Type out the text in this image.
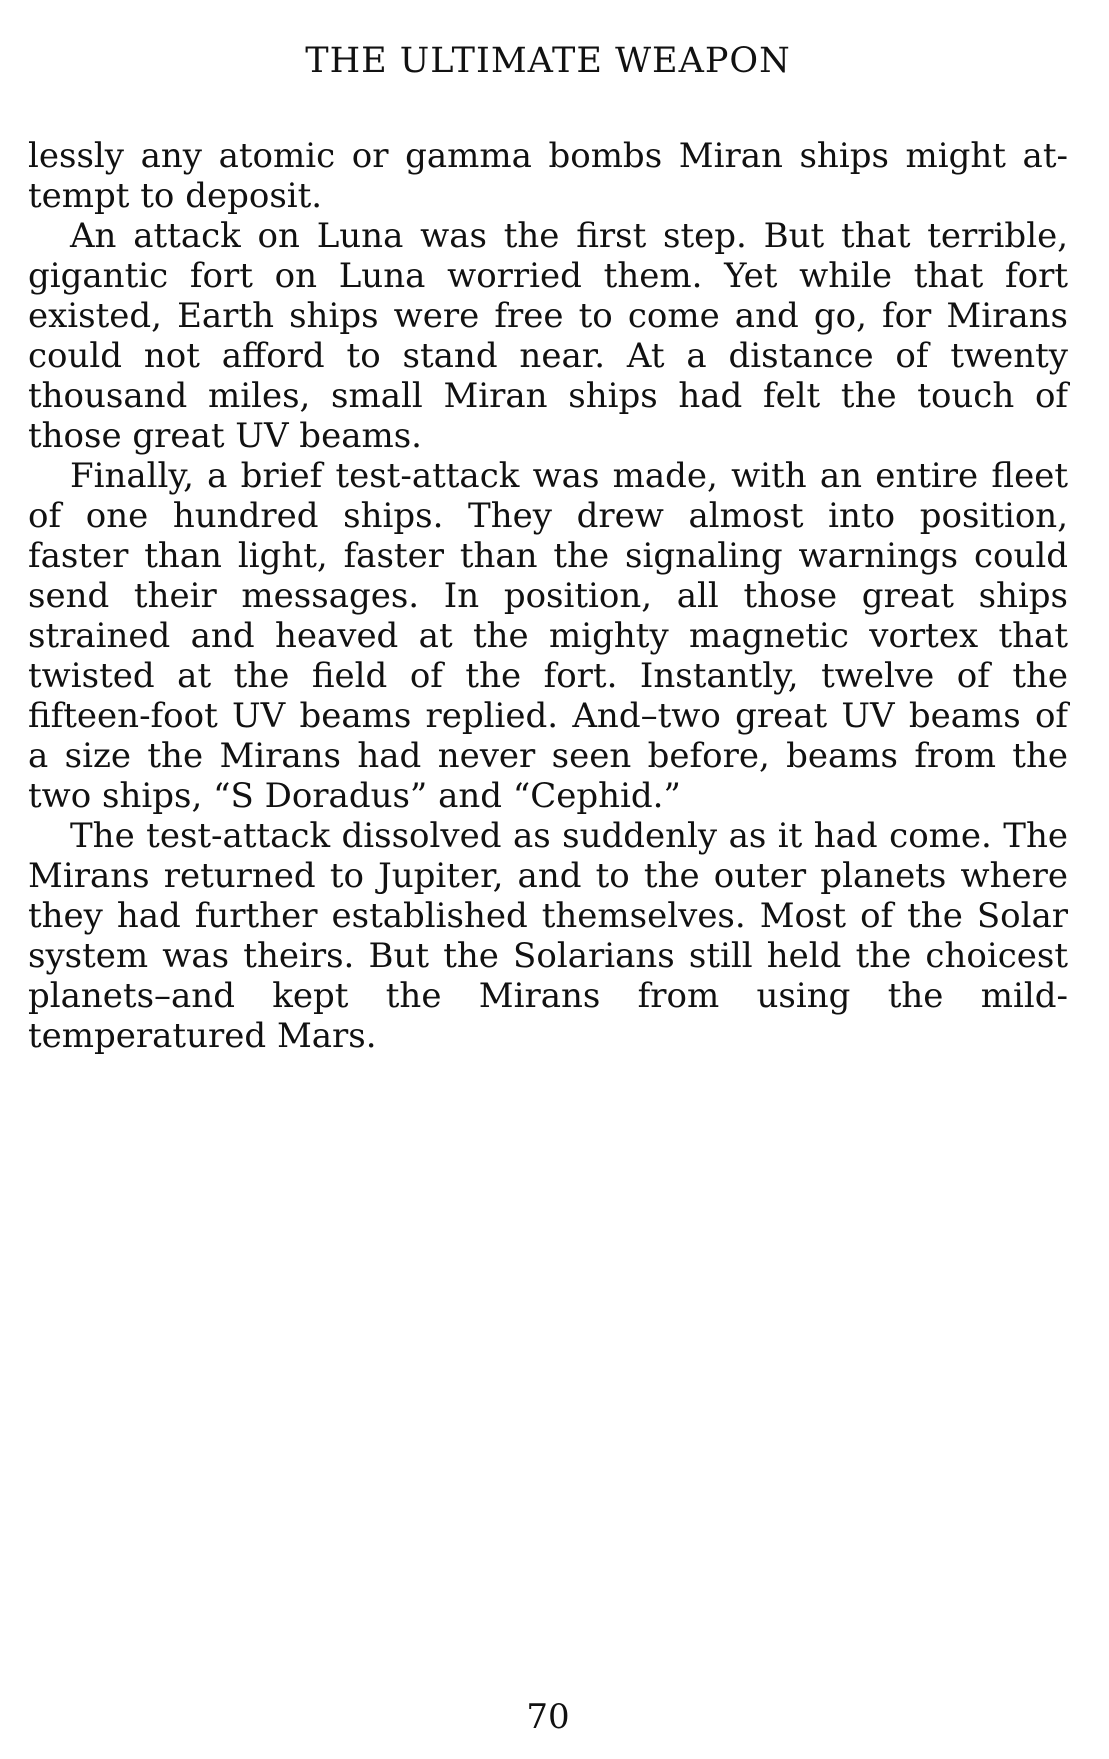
THE ULTIMATE WEAPON

lessly any atomic or gamma bombs Miran ships might attempt to deposit.

An attack on Luna was the first step. But that terrible, gigantic fort on Luna worried them. Yet while that fort existed, Earth ships were free to come and go, for Mirans could not afford to stand near. At a distance of twenty thousand miles, small Miran ships had felt the touch of those great UV beams.

Finally, a brief test-attack was made, with an entire fleet of one hundred ships. They drew almost into position, faster than light, faster than the signaling warnings could send their messages. In position, all those great ships strained and heaved at the mighty magnetic vortex that twisted at the field of the fort. Instantly, twelve of the fifteen-foot UV beams replied. And–two great UV beams of a size the Mirans had never seen before, beams from the two ships, “S Doradus” and “Cephid.”

The test-attack dissolved as suddenly as it had come. The Mirans returned to Jupiter, and to the outer planets where they had further established themselves. Most of the Solar system was theirs. But the Solarians still held the choicest planets–and kept the Mirans from using the mild-temperatured Mars.

70
